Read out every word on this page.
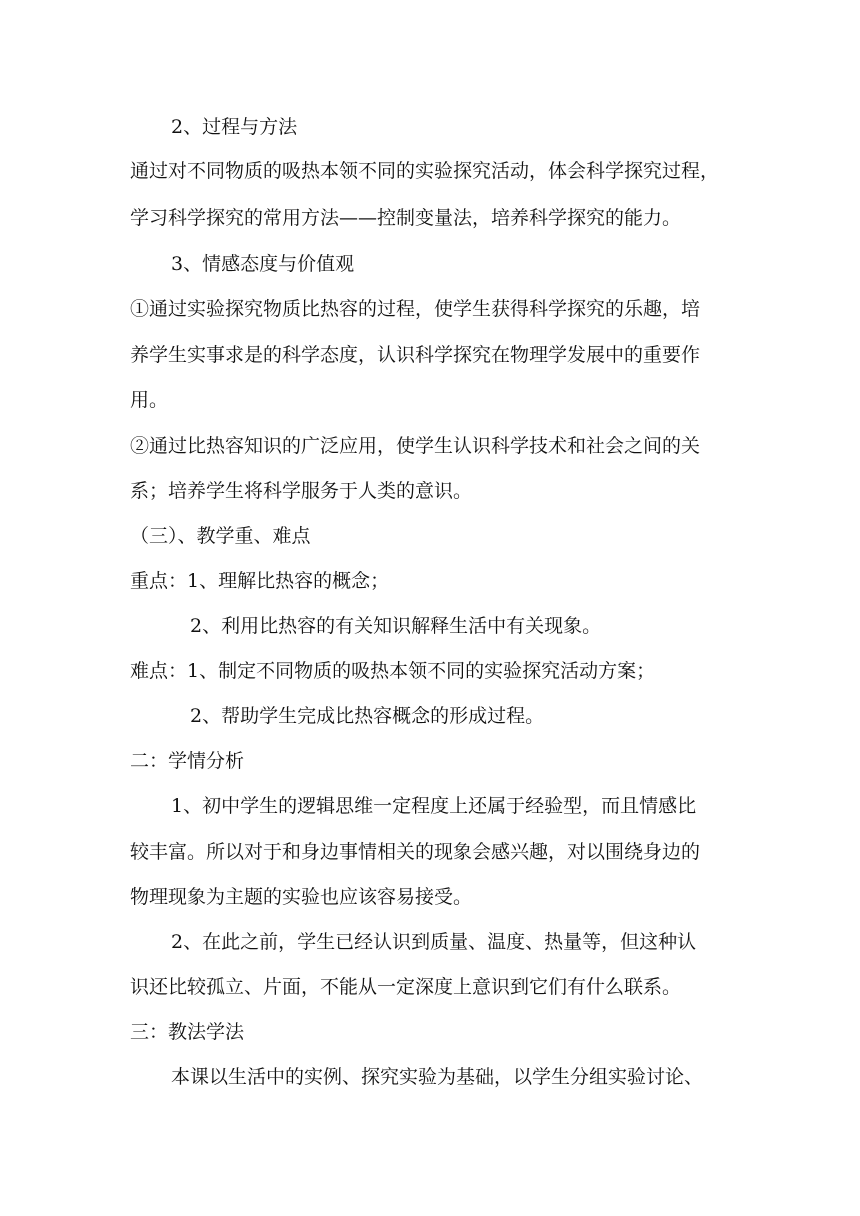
2、过程与方法
通过对不同物质的吸热本领不同的实验探究活动，体会科学探究过程，
学习科学探究的常用方法——控制变量法，培养科学探究的能力。
3、情感态度与价值观
①通过实验探究物质比热容的过程，使学生获得科学探究的乐趣，培
养学生实事求是的科学态度，认识科学探究在物理学发展中的重要作
用。
②通过比热容知识的广泛应用，使学生认识科学技术和社会之间的关
系；培养学生将科学服务于人类的意识。
（三）、教学重、难点
重点：1、理解比热容的概念；
2、利用比热容的有关知识解释生活中有关现象。
难点：1、制定不同物质的吸热本领不同的实验探究活动方案；
2、帮助学生完成比热容概念的形成过程。
二：学情分析
1、初中学生的逻辑思维一定程度上还属于经验型，而且情感比
较丰富。所以对于和身边事情相关的现象会感兴趣，对以围绕身边的
物理现象为主题的实验也应该容易接受。
2、在此之前，学生已经认识到质量、温度、热量等，但这种认
识还比较孤立、片面，不能从一定深度上意识到它们有什么联系。
三：教法学法
本课以生活中的实例、探究实验为基础，以学生分组实验讨论、
